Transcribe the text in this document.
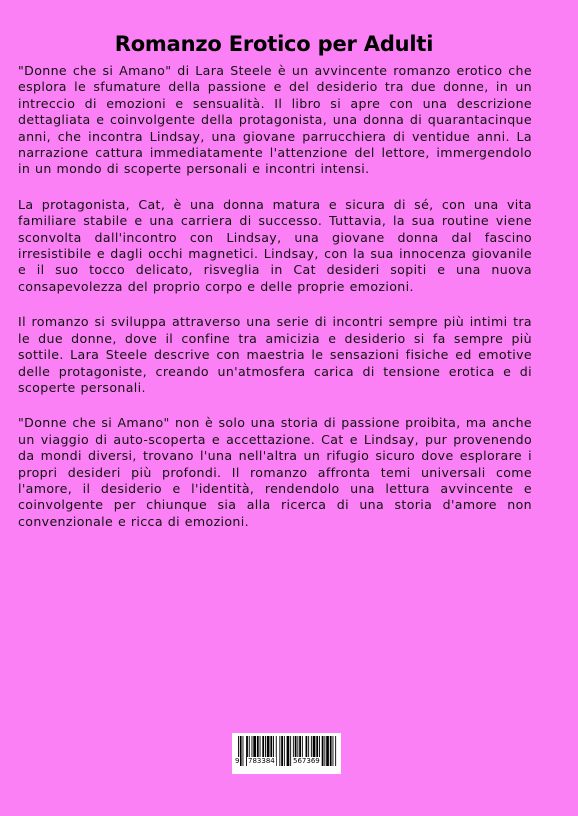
Romanzo Erotico per Adulti

"Donne che si Amano" di Lara Steele è un avvincente romanzo erotico che esplora le sfumature della passione e del desiderio tra due donne, in un intreccio di emozioni e sensualità. Il libro si apre con una descrizione dettagliata e coinvolgente della protagonista, una donna di quarantacinque anni, che incontra Lindsay, una giovane parrucchiera di ventidue anni. La narrazione cattura immediatamente l'attenzione del lettore, immergendolo in un mondo di scoperte personali e incontri intensi.

La protagonista, Cat, è una donna matura e sicura di sé, con una vita familiare stabile e una carriera di successo. Tuttavia, la sua routine viene sconvolta dall'incontro con Lindsay, una giovane donna dal fascino irresistibile e dagli occhi magnetici. Lindsay, con la sua innocenza giovanile e il suo tocco delicato, risveglia in Cat desideri sopiti e una nuova consapevolezza del proprio corpo e delle proprie emozioni.

Il romanzo si sviluppa attraverso una serie di incontri sempre più intimi tra le due donne, dove il confine tra amicizia e desiderio si fa sempre più sottile. Lara Steele descrive con maestria le sensazioni fisiche ed emotive delle protagoniste, creando un'atmosfera carica di tensione erotica e di scoperte personali.

"Donne che si Amano" non è solo una storia di passione proibita, ma anche un viaggio di auto-scoperta e accettazione. Cat e Lindsay, pur provenendo da mondi diversi, trovano l'una nell'altra un rifugio sicuro dove esplorare i propri desideri più profondi. Il romanzo affronta temi universali come l'amore, il desiderio e l'identità, rendendolo una lettura avvincente e coinvolgente per chiunque sia alla ricerca di una storia d'amore non convenzionale e ricca di emozioni.

9 783384	567369
